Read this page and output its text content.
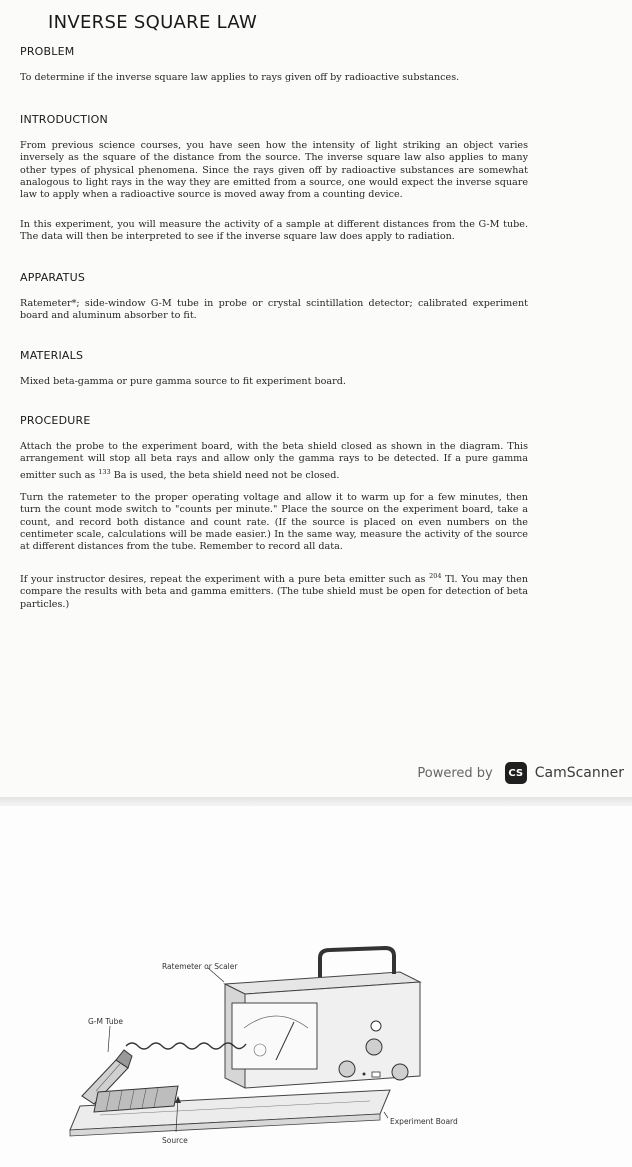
INVERSE SQUARE LAW
PROBLEM
To determine if the inverse square law applies to rays given off by radioactive substances.
INTRODUCTION
From previous science courses, you have seen how the intensity of light striking an object varies inversely as the square of the distance from the source. The inverse square law also applies to many other types of physical phenomena. Since the rays given off by radioactive substances are somewhat analogous to light rays in the way they are emitted from a source, one would expect the inverse square law to apply when a radioactive source is moved away from a counting device.
In this experiment, you will measure the activity of a sample at different distances from the G-M tube. The data will then be interpreted to see if the inverse square law does apply to radiation.
APPARATUS
Ratemeter*; side-window G-M tube in probe or crystal scintillation detector; calibrated experiment board and aluminum absorber to fit.
MATERIALS
Mixed beta-gamma or pure gamma source to fit experiment board.
PROCEDURE
Attach the probe to the experiment board, with the beta shield closed as shown in the diagram. This arrangement will stop all beta rays and allow only the gamma rays to be detected. If a pure gamma emitter such as $^{133}$ Ba is used, the beta shield need not be closed.
Turn the ratemeter to the proper operating voltage and allow it to warm up for a few minutes, then turn the count mode switch to "counts per minute." Place the source on the experiment board, take a count, and record both distance and count rate. (If the source is placed on even numbers on the centimeter scale, calculations will be made easier.) In the same way, measure the activity of the source at different distances from the tube. Remember to record all data.
If your instructor desires, repeat the experiment with a pure beta emitter such as $^{204}$ Tl. You may then compare the results with beta and gamma emitters. (The tube shield must be open for detection of beta particles.)
Powered by	CS CamScanner
Ratemeter or Scaler
G-M Tube
Experiment Board
Source
